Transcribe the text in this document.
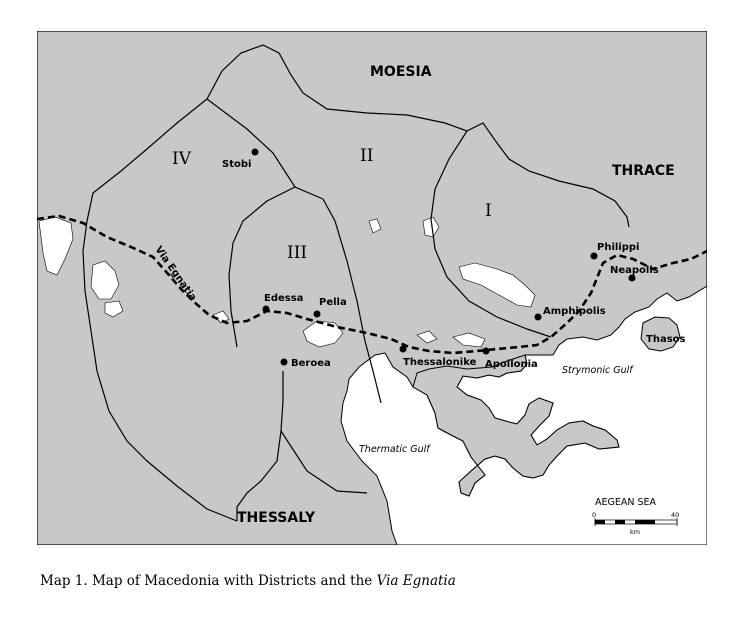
MOESIA
THRACE
THESSALY
I
II
III
IV	Stobi
Edessa Pella
Beroea	Thessalonike Apollonia
Amphipolis
Philippi
Neapolis
Thasos
Thermatic Gulf
Strymonic Gulf
Via Egnatia
AEGEAN SEA
0	40
km
Map 1. Map of Macedonia with Districts and the Via Egnatia
